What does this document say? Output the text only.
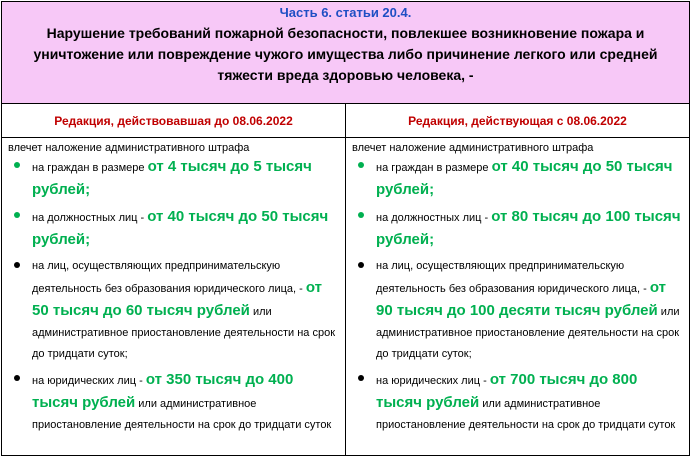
Часть 6. статьи 20.4.
Нарушение требований пожарной безопасности, повлекшее возникновение пожара и уничтожение или повреждение чужого имущества либо причинение легкого или средней тяжести вреда здоровью человека, -
Редакция, действовавшая до 08.06.2022
влечет наложение административного штрафа
на граждан в размере от 4 тысяч до 5 тысяч рублей;
на должностных лиц - от 40 тысяч до 50 тысяч рублей;
на лиц, осуществляющих предпринимательскую деятельность без образования юридического лица, - от 50 тысяч до 60 тысяч рублей или административное приостановление деятельности на срок до тридцати суток;
на юридических лиц - от 350 тысяч до 400 тысяч рублей или административное приостановление деятельности на срок до тридцати суток
Редакция, действующая с 08.06.2022
влечет наложение административного штрафа
на граждан в размере от 40 тысяч до 50 тысяч рублей;
на должностных лиц - от 80 тысяч до 100 тысяч рублей;
на лиц, осуществляющих предпринимательскую деятельность без образования юридического лица, - от 90 тысяч до 100 десяти тысяч рублей или административное приостановление деятельности на срок до тридцати суток;
на юридических лиц - от 700 тысяч до 800 тысяч рублей или административное приостановление деятельности на срок до тридцати суток
